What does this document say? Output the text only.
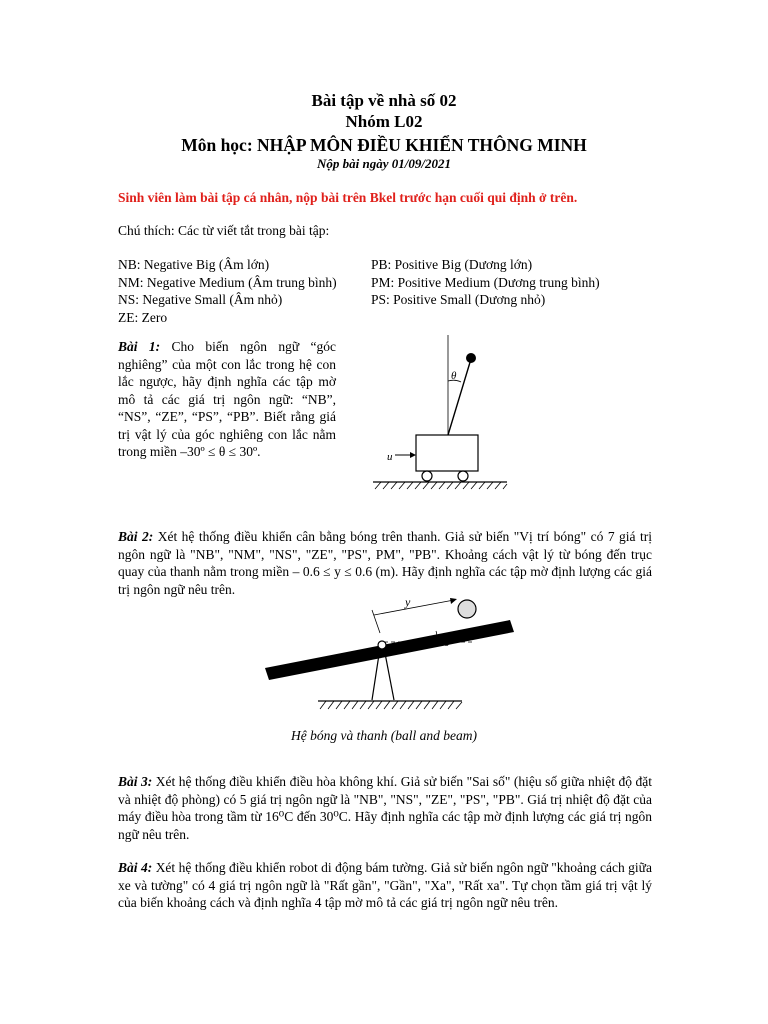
Bài tập về nhà số 02
Nhóm L02
Môn học: NHẬP MÔN ĐIỀU KHIỂN THÔNG MINH
Nộp bài ngày 01/09/2021
Sinh viên làm bài tập cá nhân, nộp bài trên Bkel trước hạn cuối qui định ở trên.
Chú thích: Các từ viết tắt trong bài tập:
NB: Negative Big (Âm lớn)
NM: Negative Medium (Âm trung bình)
NS: Negative Small (Âm nhỏ)
ZE: Zero
PB: Positive Big (Dương lớn)
PM: Positive Medium (Dương trung bình)
PS: Positive Small (Dương nhỏ)
Bài 1: Cho biến ngôn ngữ “góc nghiêng” của một con lắc trong hệ con lắc ngược, hãy định nghĩa các tập mờ mô tả các giá trị ngôn ngữ: “NB”, “NS”, “ZE”, “PS”, “PB”. Biết rằng giá trị vật lý của góc nghiêng con lắc nằm trong miền –30º ≤ θ ≤ 30º.
θ
u
Bài 2: Xét hệ thống điều khiển cân bằng bóng trên thanh. Giả sử biến "Vị trí bóng" có 7 giá trị ngôn ngữ là "NB", "NM", "NS", "ZE", "PS", PM", "PB". Khoảng cách vật lý từ bóng đến trục quay của thanh nằm trong miền – 0.6 ≤ y ≤ 0.6 (m). Hãy định nghĩa các tập mờ định lượng các giá trị ngôn ngữ nêu trên.
y
θ
Hệ bóng và thanh (ball and beam)
Bài 3: Xét hệ thống điều khiển điều hòa không khí. Giả sử biến "Sai số" (hiệu số giữa nhiệt độ đặt và nhiệt độ phòng) có 5 giá trị ngôn ngữ là "NB", "NS", "ZE", "PS", "PB". Giá trị nhiệt độ đặt của máy điều hòa trong tầm từ 16⁰C đến 30⁰C. Hãy định nghĩa các tập mờ định lượng các giá trị ngôn ngữ nêu trên.
Bài 4: Xét hệ thống điều khiển robot di động bám tường. Giả sử biến ngôn ngữ "khoảng cách giữa xe và tường" có 4 giá trị ngôn ngữ là "Rất gần", "Gần", "Xa", "Rất xa". Tự chọn tầm giá trị vật lý của biến khoảng cách và định nghĩa 4 tập mờ mô tả các giá trị ngôn ngữ nêu trên.
